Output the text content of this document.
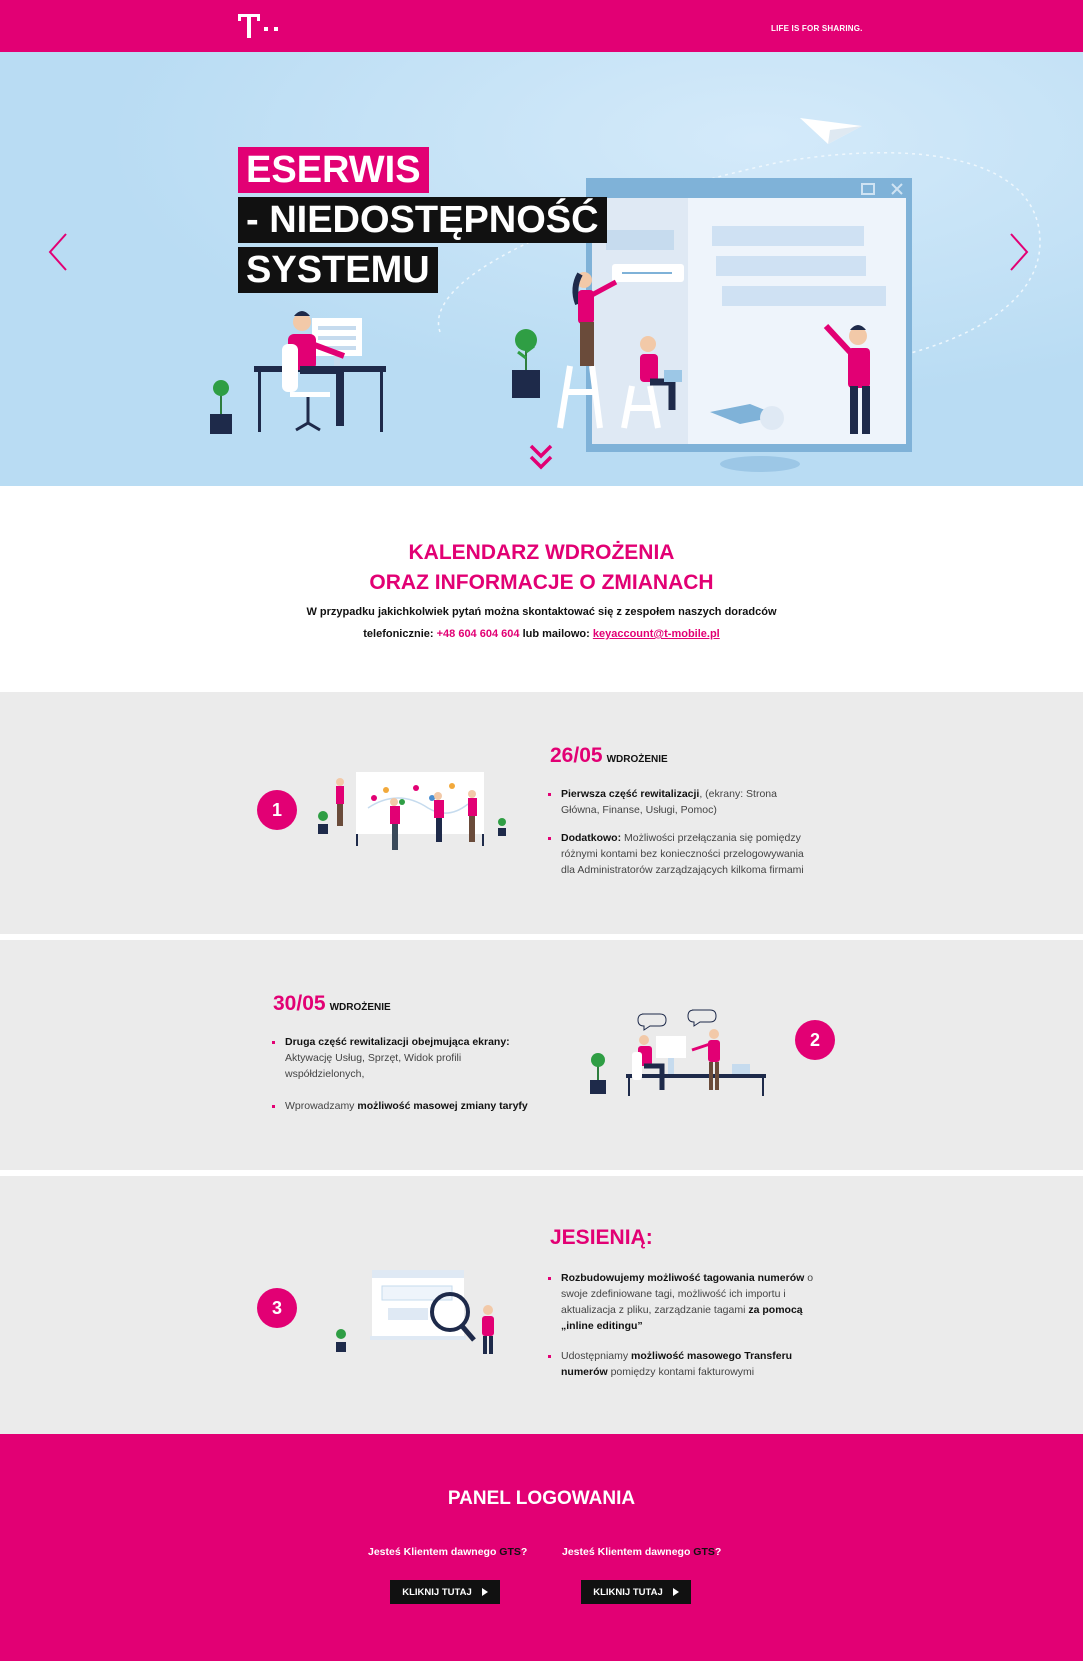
LIFE IS FOR SHARING.
ESERWIS
- NIEDOSTĘPNOŚĆ
SYSTEMU
KALENDARZ WDROŻENIA
ORAZ INFORMACJE O ZMIANACH

W przypadku jakichkolwiek pytań można skontaktować się z zespołem naszych doradców

telefonicznie: +48 604 604 604 lub mailowo: keyaccount@t-mobile.pl

1
26/05 WDROŻENIE
Pierwsza część rewitalizacji, (ekrany: Strona Główna, Finanse, Usługi, Pomoc)
Dodatkowo: Możliwości przełączania się pomiędzy różnymi kontami bez konieczności przelogowywania dla Administratorów zarządzających kilkoma firmami
30/05 WDROŻENIE
Druga część rewitalizacji obejmująca ekrany: Aktywację Usług, Sprzęt, Widok profili współdzielonych,
Wprowadzamy możliwość masowej zmiany taryfy
2
3
JESIENIĄ:
Rozbudowujemy możliwość tagowania numerów o swoje zdefiniowane tagi, możliwość ich importu i aktualizacja z pliku, zarządzanie tagami za pomocą „inline editingu”
Udostępniamy możliwość masowego Transferu numerów pomiędzy kontami fakturowymi
PANEL LOGOWANIA
Jesteś Klientem dawnego GTS?
KLIKNIJ TUTAJ
Jesteś Klientem dawnego GTS?
KLIKNIJ TUTAJ
